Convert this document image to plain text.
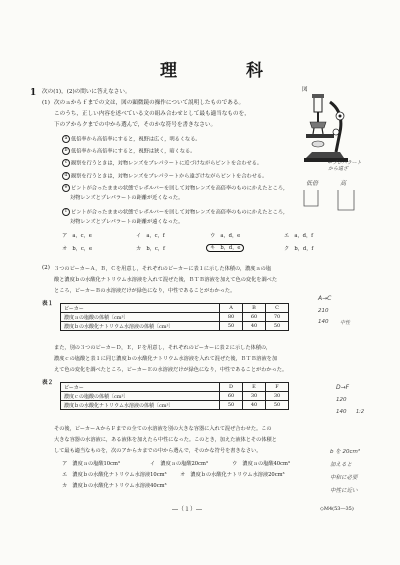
理　科
1 次の(1)，(2)の問いに答えなさい。	図
(1) 次のａからｆまでの文は，図の顕微鏡の操作について説明したものである。
このうち，正しい内容を述べている文の組み合わせとして最も適当なものを，
下のアからクまでの中から選んで，そのかな符号を書きなさい。
a 低倍率から高倍率にすると，視野は広く，明るくなる。
b 低倍率から高倍率にすると，視野は狭く，暗くなる。
c 観察を行うときは，対物レンズをプレパラートに近づけながらピントを合わせる。
d 観察を行うときは，対物レンズをプレパラートから遠ざけながらピントを合わせる。
e ピントが合ったままの状態でレボルバーを回して対物レンズを高倍率のものにかえたところ，
対物レンズとプレパラートの距離が近くなった。
f ピントが合ったままの状態でレボルバーを回して対物レンズを高倍率のものにかえたところ，
対物レンズとプレパラートの距離が遠くなった。
ア　a，c，e	イ　a，c，f	ウ　a，d，e	エ　a，d，f
オ　b，c，e	カ　b，c，f	キ　b，d，e	ク　b，d，f
←プレパラート
から遠ざ
低倍	高
(2) ３つのビーカーＡ，Ｂ，Ｃを用意し，それぞれのビーカーに表１に示した体積の，濃度ａの塩
酸と濃度ｂの水酸化ナトリウム水溶液を入れて混ぜた後，ＢＴＢ溶液を加えて色の変化を調べた
ところ，ビーカーＢの水溶液だけが緑色になり，中性であることがわかった。
表１
ビーカー	A	B	C
濃度ａの塩酸の体積〔cm³〕	80	60	70
濃度ｂの水酸化ナトリウム水溶液の体積〔cm³〕	50	40	50
また，別の３つのビーカーＤ，Ｅ，Ｆを用意し，それぞれのビーカーに表２に示した体積の，
濃度ｃの塩酸と表１に同じ濃度ｂの水酸化ナトリウム水溶液を入れて混ぜた後，ＢＴＢ溶液を加
えて色の変化を調べたところ，ビーカーＥの水溶液だけが緑色になり，中性であることがわかった。
表２
ビーカー	D	E	F
濃度ｃの塩酸の体積〔cm³〕	60	30	30
濃度ｂの水酸化ナトリウム水溶液の体積〔cm³〕	50	40	50
その後，ビーカーＡからＦまでの全ての水溶液を別の大きな容器に入れて混ぜ合わせた。この
大きな容器の水溶液に，ある液体を加えたら中性になった。このとき，加えた液体とその体積と
して最も適当なものを，次のアからカまでの中から選んで，そのかな符号を書きなさい。
ア　濃度ａの塩酸10cm³	イ　濃度ａの塩酸20cm³	ウ　濃度ａの塩酸40cm³
エ　濃度ｂの水酸化ナトリウム水溶液10cm³	オ　濃度ｂの水酸化ナトリウム水溶液20cm³
カ　濃度ｂの水酸化ナトリウム水溶液40cm³
A→C
210
140 中性
D→F
120
140 1:2
b を 20cm³
加えると
中和に必要
中性に近い
―（１）―	◇M4(53―35)
